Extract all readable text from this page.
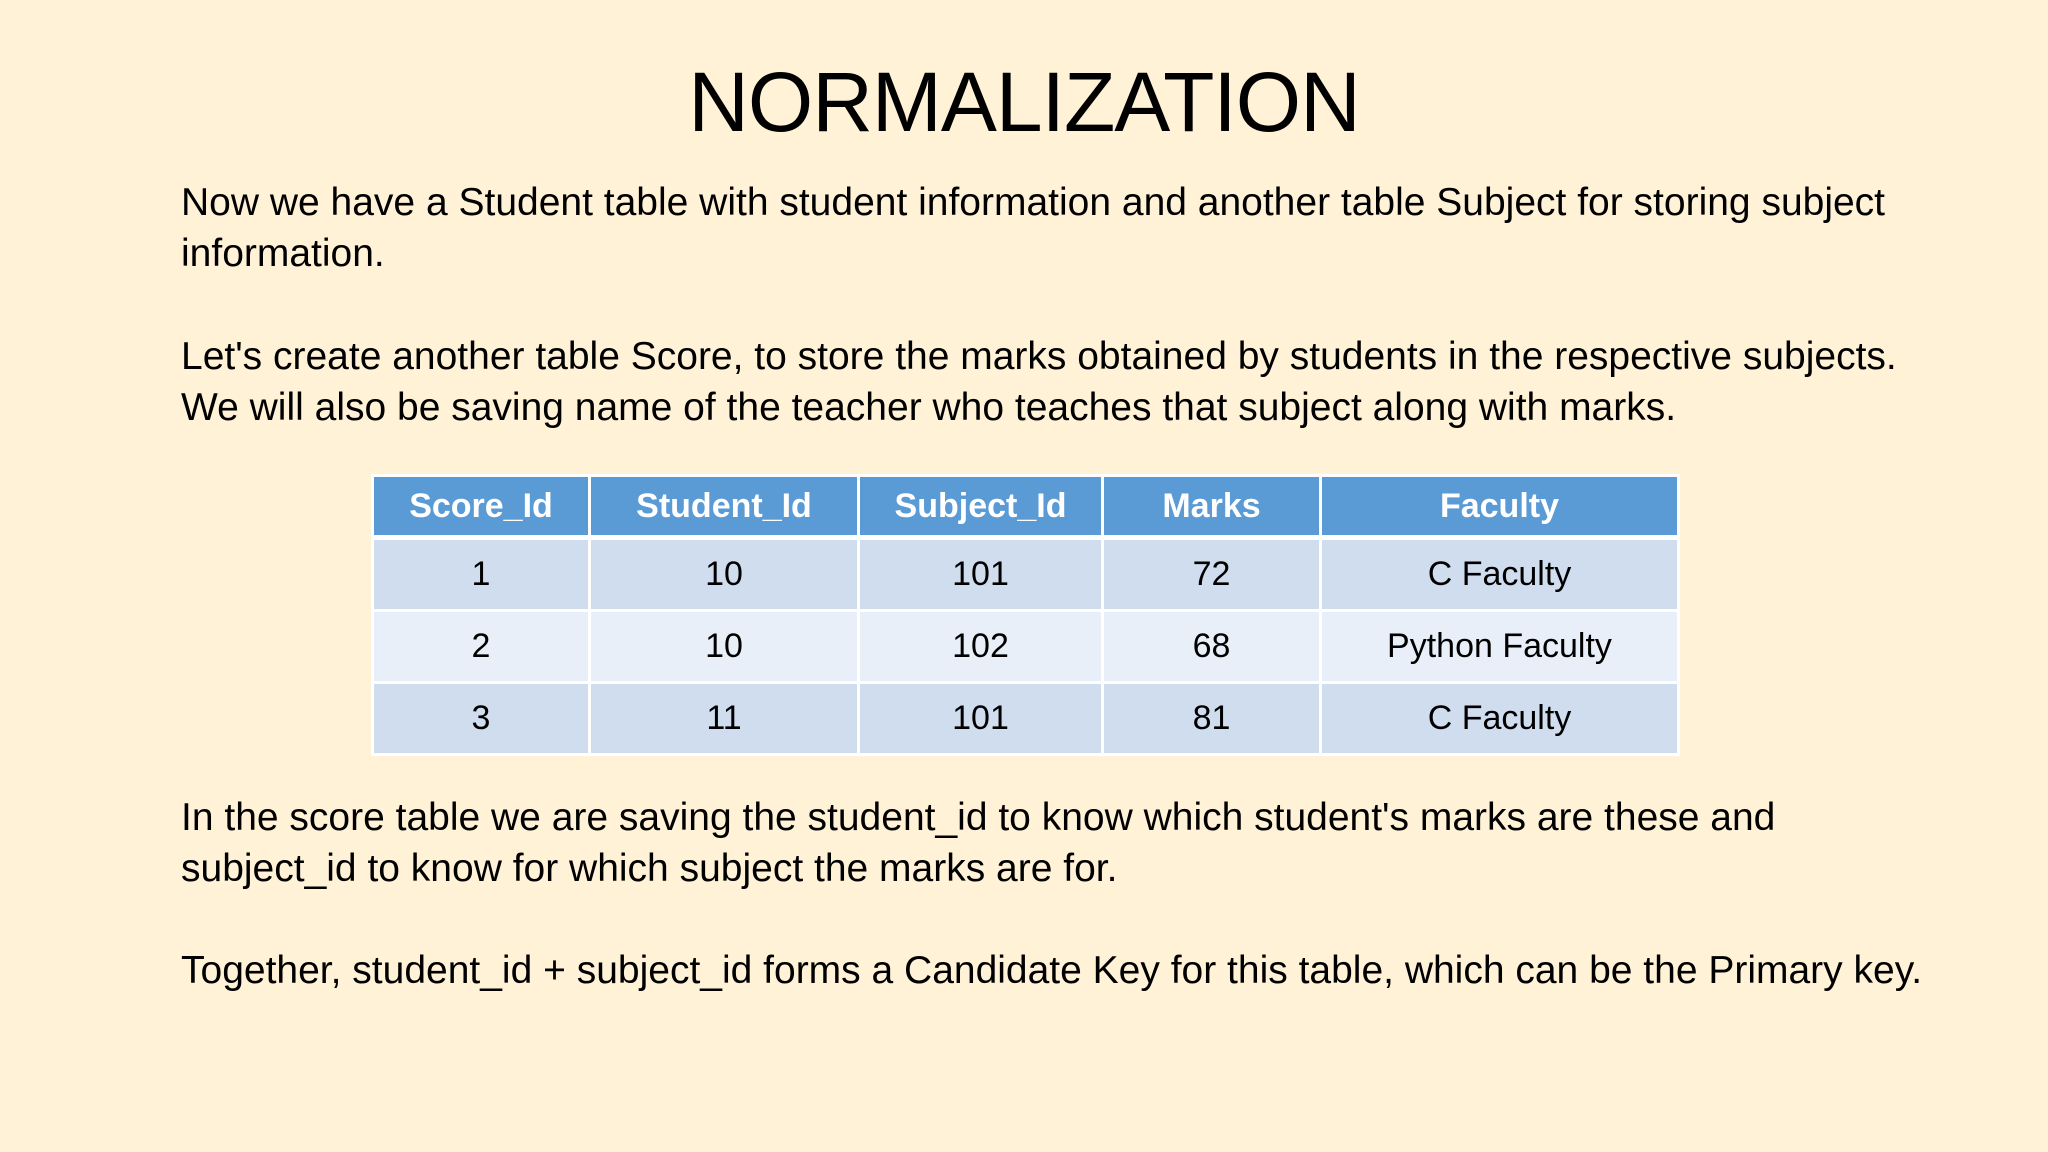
NORMALIZATION

Now we have a Student table with student information and another table Subject for storing subject
information.

Let's create another table Score, to store the marks obtained by students in the respective subjects.
We will also be saving name of the teacher who teaches that subject along with marks.

Score_Id	Student_Id	Subject_Id	Marks	Faculty
1	10	101	72	C Faculty
2	10	102	68	Python Faculty
3	11	101	81	C Faculty

In the score table we are saving the student_id to know which student's marks are these and
subject_id to know for which subject the marks are for.

Together, student_id + subject_id forms a Candidate Key for this table, which can be the Primary key.
